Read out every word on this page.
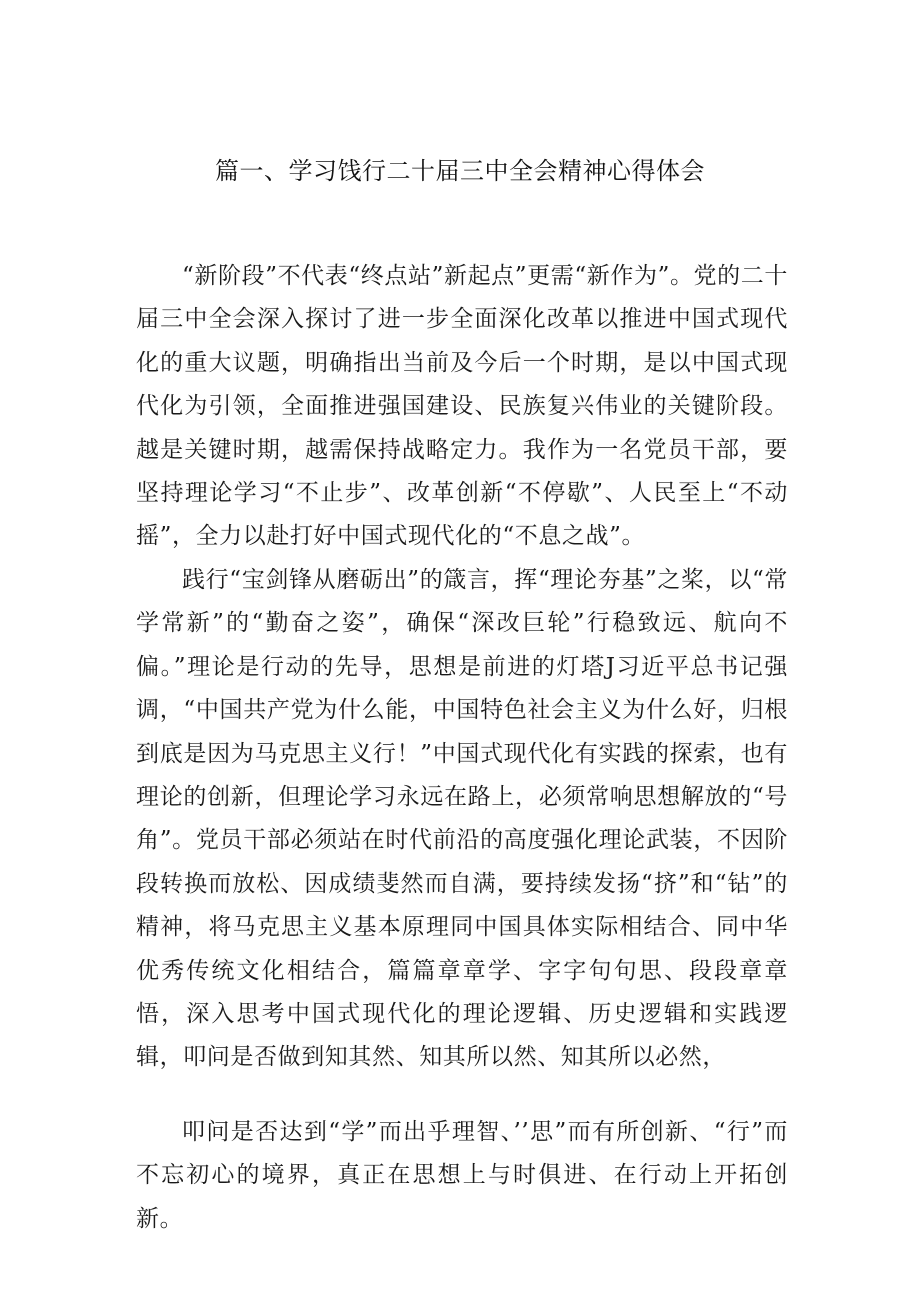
篇一、学习饯行二十届三中全会精神心得体会

“新阶段”不代表“终点站”新起点”更需“新作为”。党的二十届三中全会深入探讨了进一步全面深化改革以推进中国式现代化的重大议题，明确指出当前及今后一个时期，是以中国式现代化为引领，全面推进强国建设、民族复兴伟业的关键阶段。越是关键时期，越需保持战略定力。我作为一名党员干部，要坚持理论学习“不止步”、改革创新“不停歇”、人民至上“不动摇”，全力以赴打好中国式现代化的“不息之战”。

践行“宝剑锋从磨砺出”的箴言，挥“理论夯基”之桨，以“常学常新”的“勤奋之姿”，确保“深改巨轮”行稳致远、航向不偏。”理论是行动的先导，思想是前进的灯塔J习近平总书记强调，“中国共产党为什么能，中国特色社会主义为什么好，归根到底是因为马克思主义行！”中国式现代化有实践的探索，也有理论的创新，但理论学习永远在路上，必须常响思想解放的“号角”。党员干部必须站在时代前沿的高度强化理论武装，不因阶段转换而放松、因成绩斐然而自满，要持续发扬“挤”和“钻”的精神，将马克思主义基本原理同中国具体实际相结合、同中华优秀传统文化相结合，篇篇章章学、字字句句思、段段章章悟，深入思考中国式现代化的理论逻辑、历史逻辑和实践逻辑，叩问是否做到知其然、知其所以然、知其所以必然，

叩问是否达到“学”而出乎理智、’’思”而有所创新、“行”而不忘初心的境界，真正在思想上与时俱进、在行动上开拓创新。
